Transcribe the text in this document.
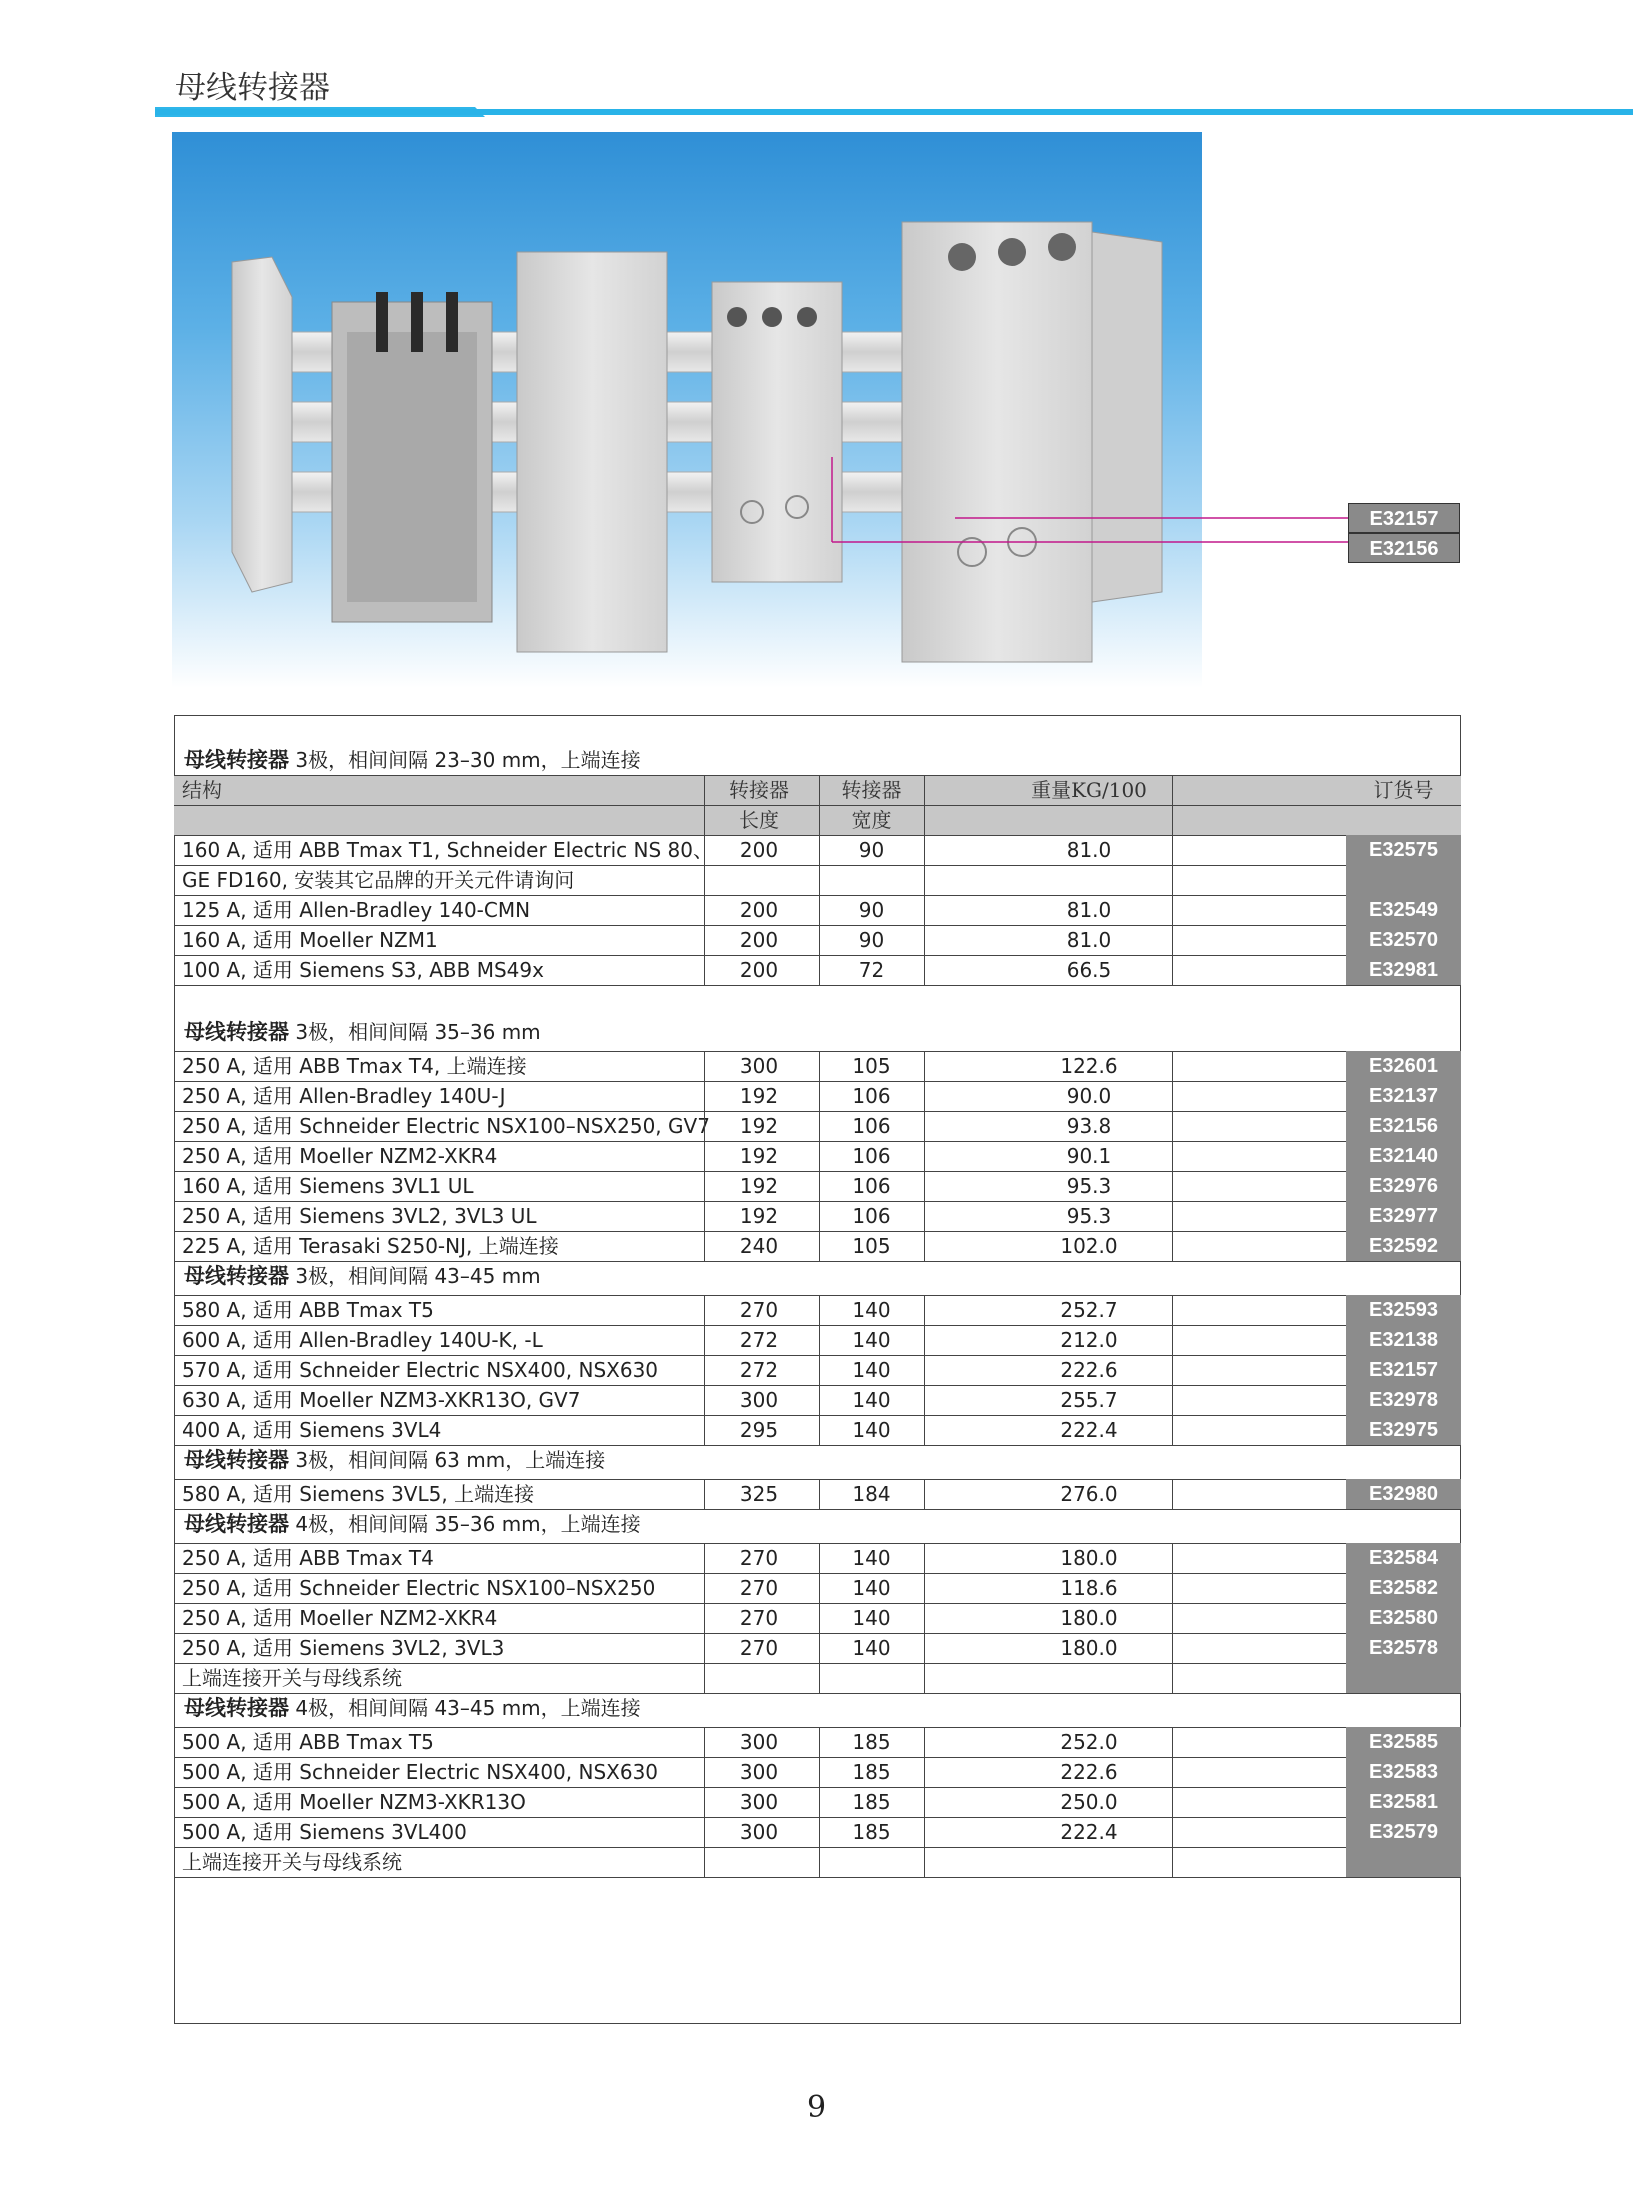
母线转接器
E32157
E32156
母线转接器 3极，相间间隔 23–30 mm，上端连接
结构	转接器	转接器	重量KG/100	订货号
长度	宽度
160 A, 适用 ABB Tmax T1, Schneider Electric NS 80、	200	90	81.0	E32575
GE FD160, 安装其它品牌的开关元件请询问
125 A, 适用 Allen-Bradley 140-CMN	200	90	81.0	E32549
160 A, 适用 Moeller NZM1	200	90	81.0	E32570
100 A, 适用 Siemens S3, ABB MS49x	200	72	66.5	E32981
母线转接器 3极，相间间隔 35–36 mm
250 A, 适用 ABB Tmax T4, 上端连接	300	105	122.6	E32601
250 A, 适用 Allen-Bradley 140U-J	192	106	90.0	E32137
250 A, 适用 Schneider Electric NSX100–NSX250, GV7	192	106	93.8	E32156
250 A, 适用 Moeller NZM2-XKR4	192	106	90.1	E32140
160 A, 适用 Siemens 3VL1 UL	192	106	95.3	E32976
250 A, 适用 Siemens 3VL2, 3VL3 UL	192	106	95.3	E32977
225 A, 适用 Terasaki S250-NJ, 上端连接	240	105	102.0	E32592
母线转接器 3极，相间间隔 43–45 mm
580 A, 适用 ABB Tmax T5	270	140	252.7	E32593
600 A, 适用 Allen-Bradley 140U-K, -L	272	140	212.0	E32138
570 A, 适用 Schneider Electric NSX400, NSX630	272	140	222.6	E32157
630 A, 适用 Moeller NZM3-XKR13O, GV7	300	140	255.7	E32978
400 A, 适用 Siemens 3VL4	295	140	222.4	E32975
母线转接器 3极，相间间隔 63 mm，上端连接
580 A, 适用 Siemens 3VL5, 上端连接	325	184	276.0	E32980
母线转接器 4极，相间间隔 35–36 mm，上端连接
250 A, 适用 ABB Tmax T4	270	140	180.0	E32584
250 A, 适用 Schneider Electric NSX100–NSX250	270	140	118.6	E32582
250 A, 适用 Moeller NZM2-XKR4	270	140	180.0	E32580
250 A, 适用 Siemens 3VL2, 3VL3	270	140	180.0	E32578
上端连接开关与母线系统
母线转接器 4极，相间间隔 43–45 mm，上端连接
500 A, 适用 ABB Tmax T5	300	185	252.0	E32585
500 A, 适用 Schneider Electric NSX400, NSX630	300	185	222.6	E32583
500 A, 适用 Moeller NZM3-XKR13O	300	185	250.0	E32581
500 A, 适用 Siemens 3VL400	300	185	222.4	E32579
上端连接开关与母线系统
9
